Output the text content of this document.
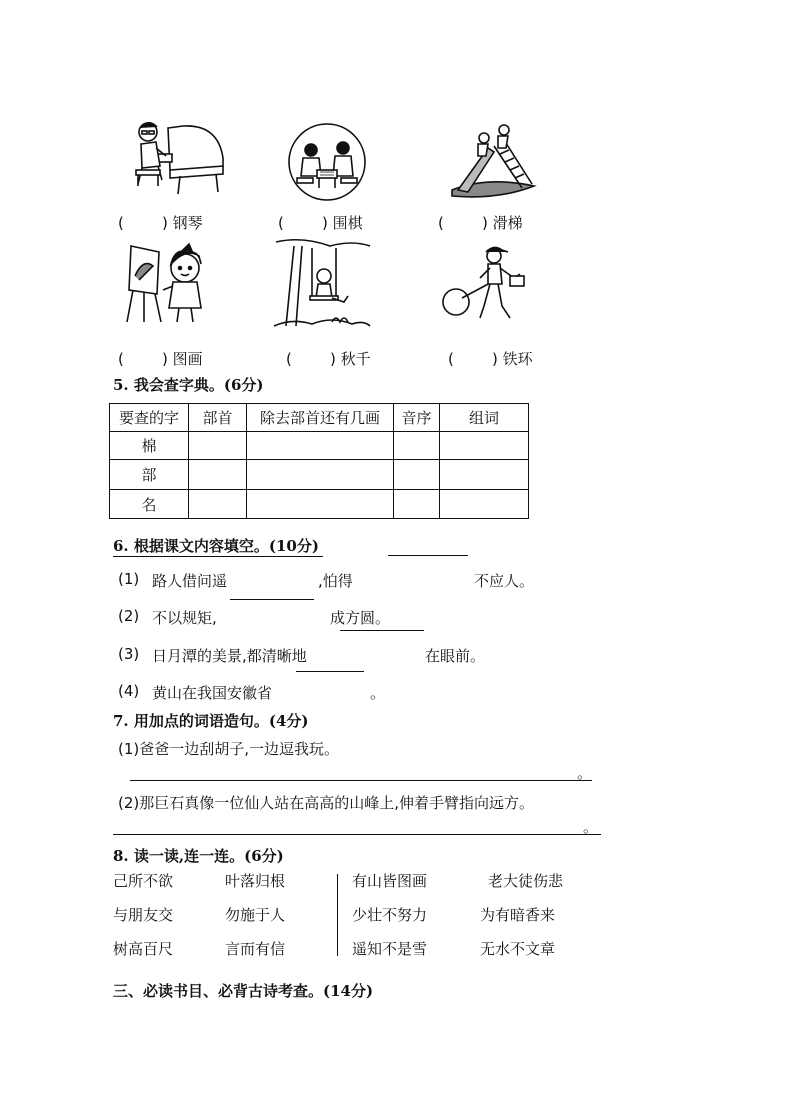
(        ) 钢琴	(        ) 围棋	(        ) 滑梯
(        ) 图画	(        ) 秋千	(        ) 铁环
5. 我会查字典。(6分)
要查的字	部首	除去部首还有几画	音序	组词
棉				
部				
名				
6. 根据课文内容填空。(10分)
(1) 路人借问遥	,怕得	不应人。
(2) 不以规矩,	成方圆。
(3) 日月潭的美景,都清晰地	在眼前。
(4) 黄山在我国安徽省	。
7. 用加点的词语造句。(4分)
(1)爸爸一边刮胡子,一边逗我玩。
。
(2)那巨石真像一位仙人站在高高的山峰上,伸着手臂指向远方。
。
8. 读一读,连一连。(6分)
己所不欲	叶落归根
与朋友交	勿施于人
树高百尺	言而有信
有山皆图画	老大徒伤悲
少壮不努力	为有暗香来
遥知不是雪	无水不文章
三、必读书目、必背古诗考查。(14分)
